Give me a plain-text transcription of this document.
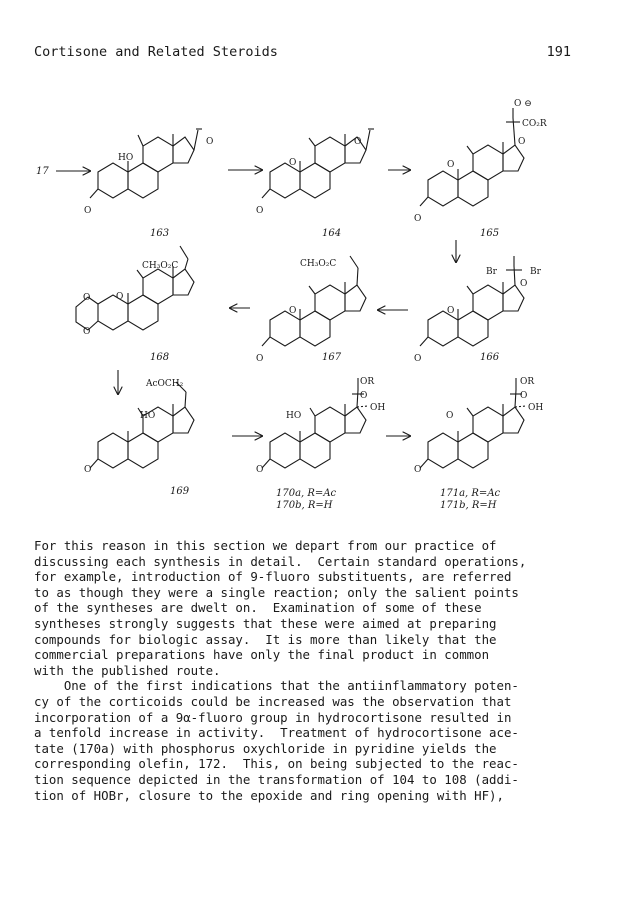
Cortisone and Related Steroids	191
17
HO
O
O
163
O
O
O
164
O ⊖
CO₂R
O
O
O
165
CH₃O₂C
O
O
O
168
CH₃O₂C
O
O	167
Br	Br
O
O
O	166
AcOCH₂
HO
O
169
OR
O
HO
OH
O
170a, R=Ac
170b, R=H
OR
O
O
OH
O
171a, R=Ac
171b, R=H

For this reason in this section we depart from our practice of
discussing each synthesis in detail.  Certain standard operations,
for example, introduction of 9-fluoro substituents, are referred
to as though they were a single reaction; only the salient points
of the syntheses are dwelt on.  Examination of some of these
syntheses strongly suggests that these were aimed at preparing
compounds for biologic assay.  It is more than likely that the
commercial preparations have only the final product in common
with the published route.

One of the first indications that the antiinflammatory poten-
cy of the corticoids could be increased was the observation that
incorporation of a 9α-fluoro group in hydrocortisone resulted in
a tenfold increase in activity.  Treatment of hydrocortisone ace-
tate (170a) with phosphorus oxychloride in pyridine yields the
corresponding olefin, 172.  This, on being subjected to the reac-
tion sequence depicted in the transformation of 104 to 108 (addi-
tion of HOBr, closure to the epoxide and ring opening with HF),
